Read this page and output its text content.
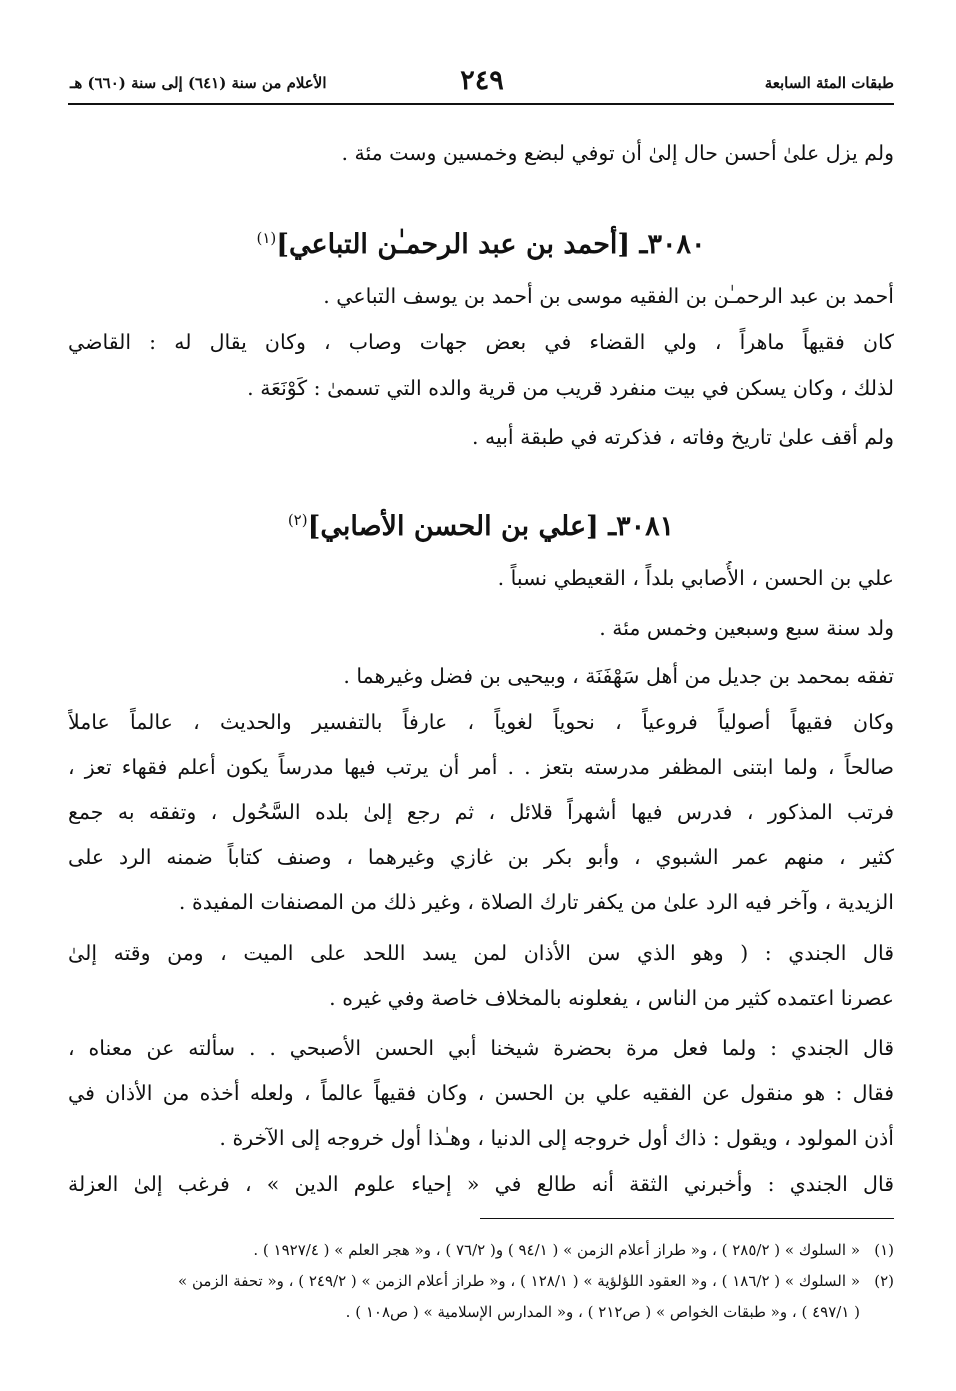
طبقات المئة السابعة
٢٤٩
الأعلام من سنة (٦٤١) إلى سنة (٦٦٠) هـ
ولم يزل علىٰ أحسن حال إلىٰ أن توفي لبضع وخمسين وست مئة .
٣٠٨٠ـ [أحمد بن عبد الرحمـٰن التباعي]$^{(١)}$
أحمد بن عبد الرحمـٰن بن الفقيه موسى بن أحمد بن يوسف التباعي .
كان فقيهاً ماهراً ، ولي القضاء في بعض جهات وصاب ، وكان يقال له : القاضي
لذلك ، وكان يسكن في بيت منفرد قريب من قرية والده التي تسمىٰ : كَوْنَعَة .
ولم أقف علىٰ تاريخ وفاته ، فذكرته في طبقة أبيه .
٣٠٨١ـ [علي بن الحسن الأصابي]$^{(٢)}$
علي بن الحسن ، الأُصابي بلداً ، القعيطي نسباً .
ولد سنة سبع وسبعين وخمس مئة .
تفقه بمحمد بن جديل من أهل سَهْفَنَة ، وبيحيى بن فضل وغيرهما .
وكان فقيهاً أصولياً فروعياً ، نحوياً لغوياً ، عارفاً بالتفسير والحديث ، عالماً عاملاً
صالحاً ، ولما ابتنى المظفر مدرسته بتعز . . أمر أن يرتب فيها مدرساً يكون أعلم فقهاء تعز ،
فرتب المذكور ، فدرس فيها أشهراً قلائل ، ثم رجع إلىٰ بلده السَّحُول ، وتفقه به جمع
كثير ، منهم عمر الشبوي ، وأبو بكر بن غازي وغيرهما ، وصنف كتاباً ضمنه الرد على
الزيدية ، وآخر فيه الرد علىٰ من يكفر تارك الصلاة ، وغير ذلك من المصنفات المفيدة .
قال الجندي : ( وهو الذي سن الأذان لمن يسد اللحد على الميت ، ومن وقته إلىٰ
عصرنا اعتمده كثير من الناس ، يفعلونه بالمخلاف خاصة وفي غيره .
قال الجندي : ولما فعل مرة بحضرة شيخنا أبي الحسن الأصبحي . . سألته عن معناه ،
فقال : هو منقول عن الفقيه علي بن الحسن ، وكان فقيهاً عالماً ، ولعله أخذه من الأذان في
أذن المولود ، ويقول : ذاك أول خروجه إلى الدنيا ، وهـٰذا أول خروجه إلى الآخرة .
قال الجندي : وأخبرني الثقة أنه طالع في « إحياء علوم الدين » ، فرغب إلىٰ العزلة
(١)« السلوك » ( ٢٨٥/٢ ) ، و« طراز أعلام الزمن » ( ٩٤/١ ) و( ٧٦/٢ ) ، و« هجر العلم » ( ١٩٢٧/٤ ) .
(٢)« السلوك » ( ١٨٦/٢ ) ، و« العقود اللؤلؤية » ( ١٢٨/١ ) ، و« طراز أعلام الزمن » ( ٢٤٩/٢ ) ، و« تحفة الزمن »
( ٤٩٧/١ ) ، و« طبقات الخواص » ( ص٢١٢ ) ، و« المدارس الإسلامية » ( ص١٠٨ ) .
